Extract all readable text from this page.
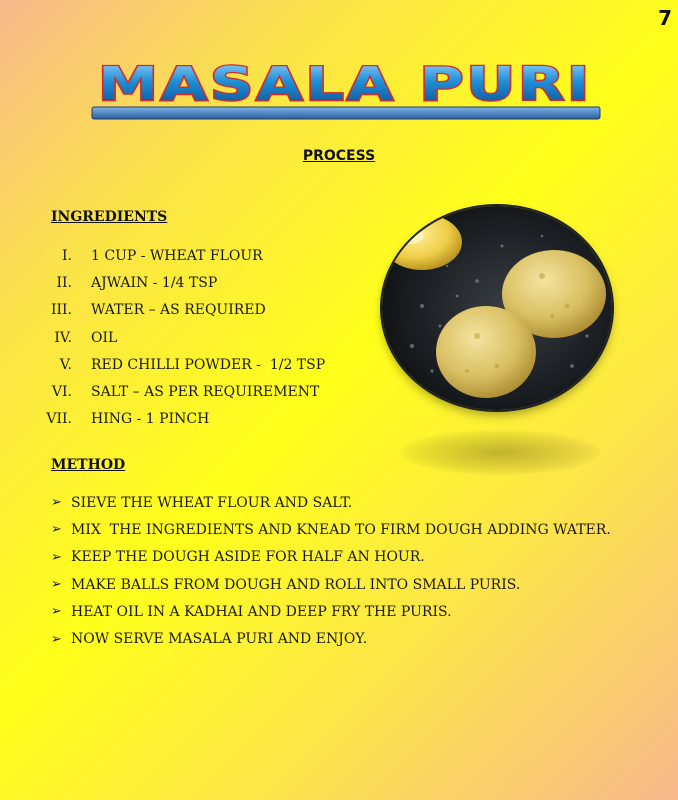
7
MASALA PURI
PROCESS
INGREDIENTS
I. 1 CUP - WHEAT FLOUR
II. AJWAIN - 1/4 TSP
III. WATER – AS REQUIRED
IV. OIL
V. RED CHILLI POWDER -  1/2 TSP
VI. SALT – AS PER REQUIREMENT
VII. HING - 1 PINCH
METHOD
➢ SIEVE THE WHEAT FLOUR AND SALT.
➢ MIX  THE INGREDIENTS AND KNEAD TO FIRM DOUGH ADDING WATER.
➢ KEEP THE DOUGH ASIDE FOR HALF AN HOUR.
➢ MAKE BALLS FROM DOUGH AND ROLL INTO SMALL PURIS.
➢ HEAT OIL IN A KADHAI AND DEEP FRY THE PURIS.
➢ NOW SERVE MASALA PURI AND ENJOY.
